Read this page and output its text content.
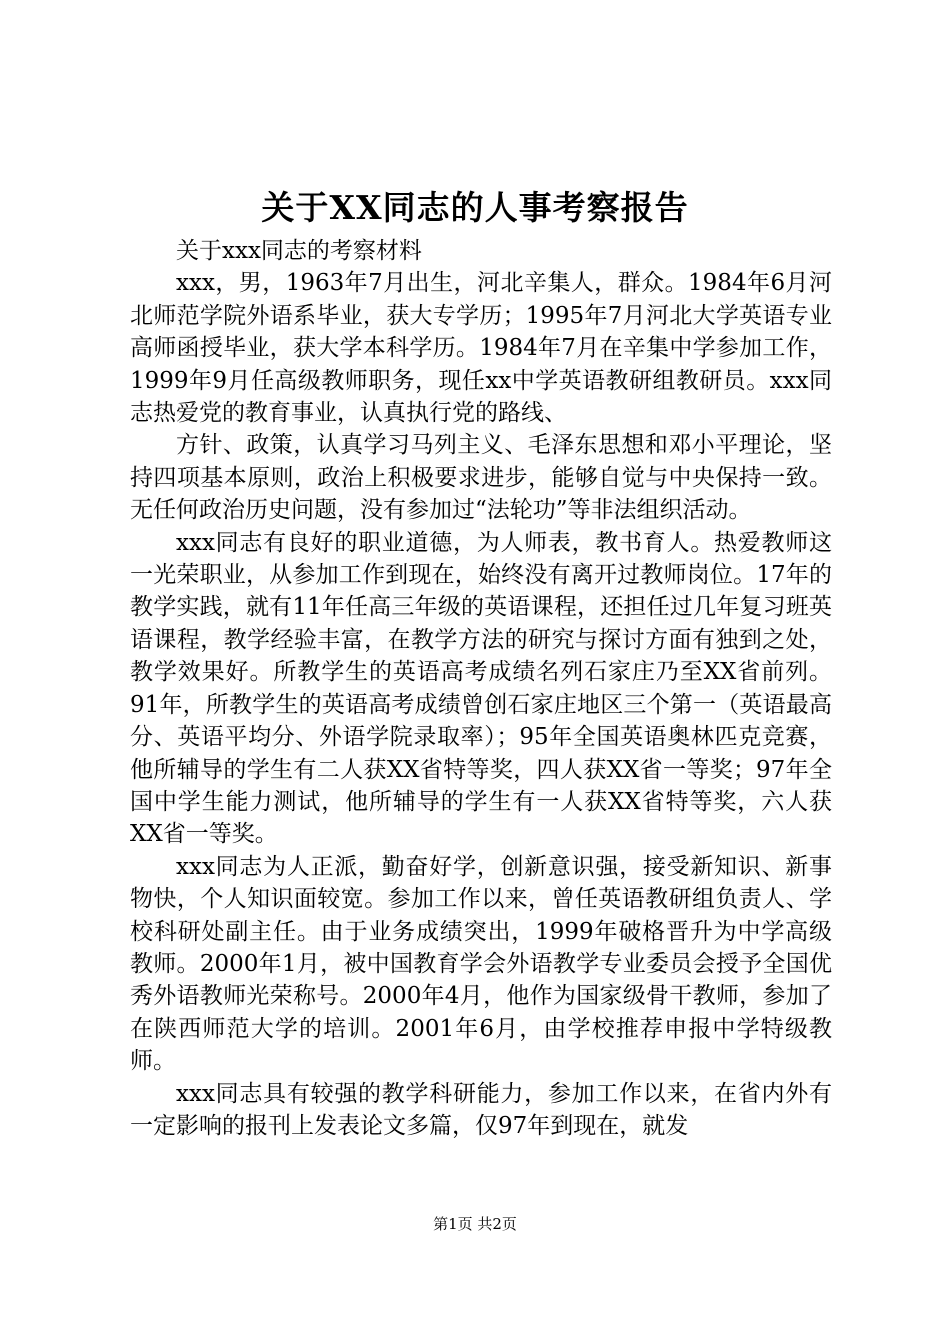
关于XX同志的人事考察报告

关于xxx同志的考察材料

xxx，男，1963年7月出生，河北辛集人，群众。1984年6月河北师范学院外语系毕业，获大专学历；1995年7月河北大学英语专业高师函授毕业，获大学本科学历。1984年7月在辛集中学参加工作，1999年9月任高级教师职务，现任xx中学英语教研组教研员。xxx同志热爱党的教育事业，认真执行党的路线、

方针、政策，认真学习马列主义、毛泽东思想和邓小平理论，坚持四项基本原则，政治上积极要求进步，能够自觉与中央保持一致。无任何政治历史问题，没有参加过“法轮功”等非法组织活动。

xxx同志有良好的职业道德，为人师表，教书育人。热爱教师这一光荣职业，从参加工作到现在，始终没有离开过教师岗位。17年的教学实践，就有11年任高三年级的英语课程，还担任过几年复习班英语课程，教学经验丰富，在教学方法的研究与探讨方面有独到之处，教学效果好。所教学生的英语高考成绩名列石家庄乃至XX省前列。91年，所教学生的英语高考成绩曾创石家庄地区三个第一（英语最高分、英语平均分、外语学院录取率）；95年全国英语奥林匹克竞赛，他所辅导的学生有二人获XX省特等奖，四人获XX省一等奖；97年全国中学生能力测试，他所辅导的学生有一人获XX省特等奖，六人获XX省一等奖。

xxx同志为人正派，勤奋好学，创新意识强，接受新知识、新事物快，个人知识面较宽。参加工作以来，曾任英语教研组负责人、学校科研处副主任。由于业务成绩突出，1999年破格晋升为中学高级教师。2000年1月，被中国教育学会外语教学专业委员会授予全国优秀外语教师光荣称号。2000年4月，他作为国家级骨干教师，参加了在陕西师范大学的培训。2001年6月，由学校推荐申报中学特级教师。

xxx同志具有较强的教学科研能力，参加工作以来，在省内外有一定影响的报刊上发表论文多篇，仅97年到现在，就发

第1页 共2页
